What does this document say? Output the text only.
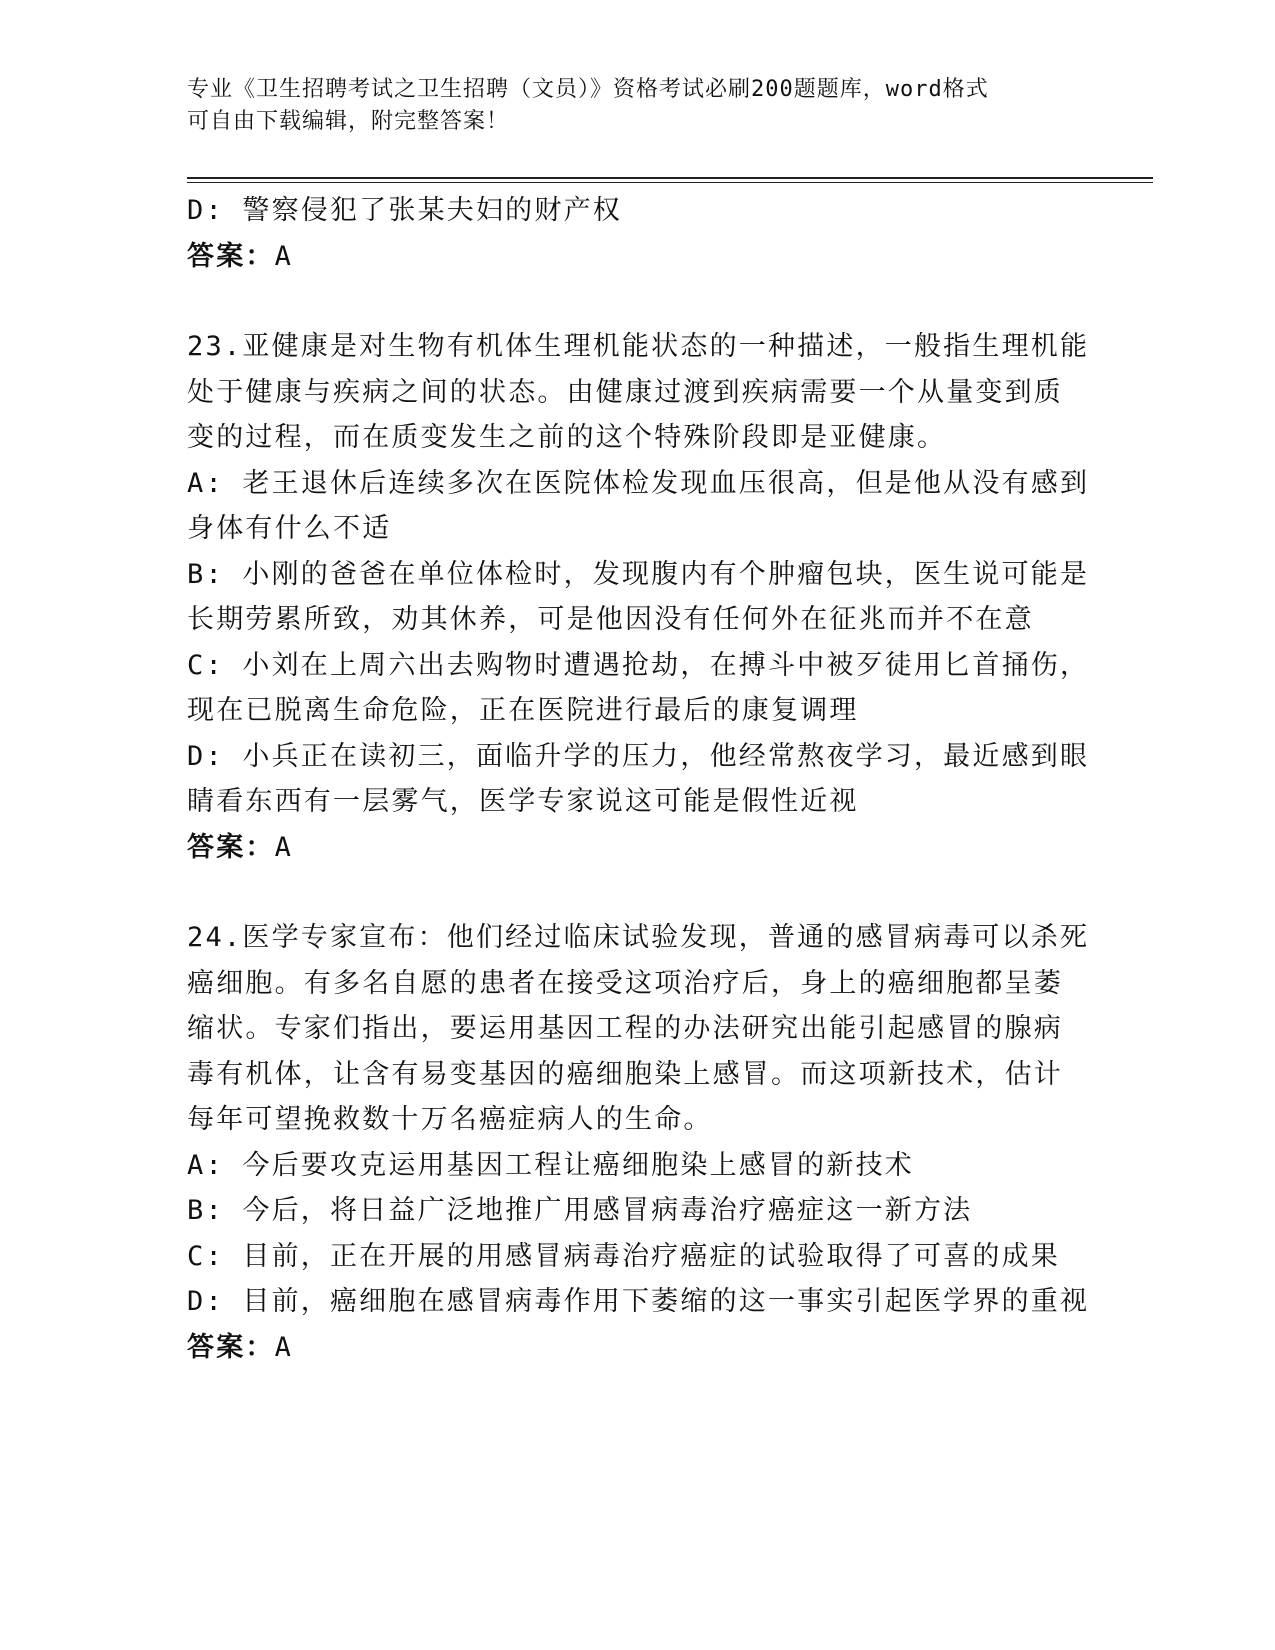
专业《卫生招聘考试之卫生招聘（文员）》资格考试必刷200题题库，word格式
可自由下载编辑，附完整答案！
D: 警察侵犯了张某夫妇的财产权
答案：A
23.亚健康是对生物有机体生理机能状态的一种描述，一般指生理机能
处于健康与疾病之间的状态。由健康过渡到疾病需要一个从量变到质
变的过程，而在质变发生之前的这个特殊阶段即是亚健康。
A: 老王退休后连续多次在医院体检发现血压很高，但是他从没有感到
身体有什么不适
B: 小刚的爸爸在单位体检时，发现腹内有个肿瘤包块，医生说可能是
长期劳累所致，劝其休养，可是他因没有任何外在征兆而并不在意
C: 小刘在上周六出去购物时遭遇抢劫，在搏斗中被歹徒用匕首捅伤，
现在已脱离生命危险，正在医院进行最后的康复调理
D: 小兵正在读初三，面临升学的压力，他经常熬夜学习，最近感到眼
睛看东西有一层雾气，医学专家说这可能是假性近视
答案：A
24.医学专家宣布：他们经过临床试验发现，普通的感冒病毒可以杀死
癌细胞。有多名自愿的患者在接受这项治疗后，身上的癌细胞都呈萎
缩状。专家们指出，要运用基因工程的办法研究出能引起感冒的腺病
毒有机体，让含有易变基因的癌细胞染上感冒。而这项新技术，估计
每年可望挽救数十万名癌症病人的生命。
A: 今后要攻克运用基因工程让癌细胞染上感冒的新技术
B: 今后，将日益广泛地推广用感冒病毒治疗癌症这一新方法
C: 目前，正在开展的用感冒病毒治疗癌症的试验取得了可喜的成果
D: 目前，癌细胞在感冒病毒作用下萎缩的这一事实引起医学界的重视
答案：A
